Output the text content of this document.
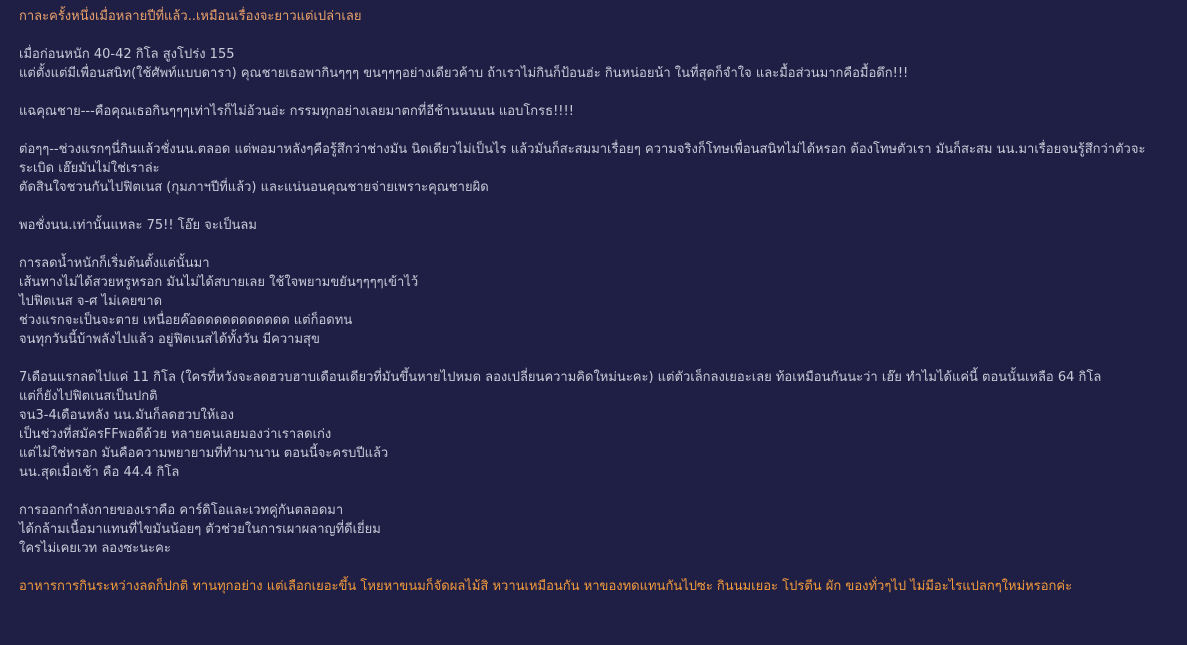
กาละครั้งหนึ่งเมื่อหลายปีที่แล้ว..เหมือนเรื่องจะยาวแต่เปล่าเลย
เมื่อก่อนหนัก 40-42 กิโล สูงโปร่ง 155
แต่ตั้งแต่มีเพื่อนสนิท(ใช้ศัพท์แบบดารา) คุณชายเธอพากินๆๆๆ ขนๆๆๆอย่างเดียวค้าบ ถ้าเราไม่กินก็ป้อนฮ่ะ กินหน่อยน้า ในที่สุดก็จำใจ และมื้อส่วนมากคือมื้อดึก!!!
แฉคุณชาย---คือคุณเธอกินๆๆๆเท่าไรก็ไม่อ้วนอ่ะ กรรมทุกอย่างเลยมาตกที่อีช้านนนนน แอบโกรธ!!!!
ต่อๆๆ--ช่วงแรกๆนี่กินแล้วชั่งนน.ตลอด แต่พอมาหลังๆคือรู้สึกว่าช่างมัน นิดเดียวไม่เป็นไร แล้วมันก็สะสมมาเรื่อยๆ ความจริงก็โทษเพื่อนสนิทไม่ได้หรอก ต้องโทษตัวเรา มันก็สะสม นน.มาเรื่อยจนรู้สึกว่าตัวจะระเบิด เฮ๊ยมันไม่ใช่เราล่ะ
ตัดสินใจชวนกันไปฟิตเนส (กุมภาฯปีที่แล้ว) และแน่นอนคุณชายจ่ายเพราะคุณชายผิด
พอชั่งนน.เท่านั้นแหละ 75!! โอ๊ย จะเป็นลม
การลดน้ำหนักก็เริ่มต้นตั้งแต่นั้นมา
เส้นทางไม่ได้สวยหรูหรอก มันไม่ได้สบายเลย ใช้ใจพยามขยันๆๆๆๆเข้าไว้
ไปฟิตเนส จ-ศ ไม่เคยขาด
ช่วงแรกจะเป็นจะตาย เหนื่อยค๊อดดดดดดดดดดด แต่ก็อดทน
จนทุกวันนี้บ้าพลังไปแล้ว อยู่ฟิตเนสได้ทั้งวัน มีความสุข
7เดือนแรกลดไปแค่ 11 กิโล (ใครที่หวังจะลดฮวบฮาบเดือนเดียวที่มันขึ้นหายไปหมด ลองเปลี่ยนความคิดใหม่นะคะ) แต่ตัวเล็กลงเยอะเลย ท้อเหมือนกันนะว่า เฮ๊ย ทำไมได้แค่นี้ ตอนนั้นเหลือ 64 กิโล
แต่ก็ยังไปฟิตเนสเป็นปกติ
จน3-4เดือนหลัง นน.มันก็ลดฮวบให้เอง
เป็นช่วงที่สมัครFFพอดีด้วย หลายคนเลยมองว่าเราลดเก่ง
แต่ไม่ใช่หรอก มันคือความพยายามที่ทำมานาน ตอนนี้จะครบปีแล้ว
นน.สุดเมื่อเช้า คือ 44.4 กิโล
การออกกำลังกายของเราคือ คาร์ดิโอและเวทคู่กันตลอดมา
ได้กล้ามเนื้อมาแทนที่ไขมันน้อยๆ ตัวช่วยในการเผาผลาญที่ดีเยี่ยม
ใครไม่เคยเวท ลองซะนะคะ
อาหารการกินระหว่างลดก็ปกติ ทานทุกอย่าง แต่เลือกเยอะขึ้น โหยหาขนมก็จัดผลไม้สิ หวานเหมือนกัน หาของทดแทนกันไปซะ กินนมเยอะ โปรตีน ผัก ของทั่วๆไป ไม่มีอะไรแปลกๆใหม่หรอกค่ะ
